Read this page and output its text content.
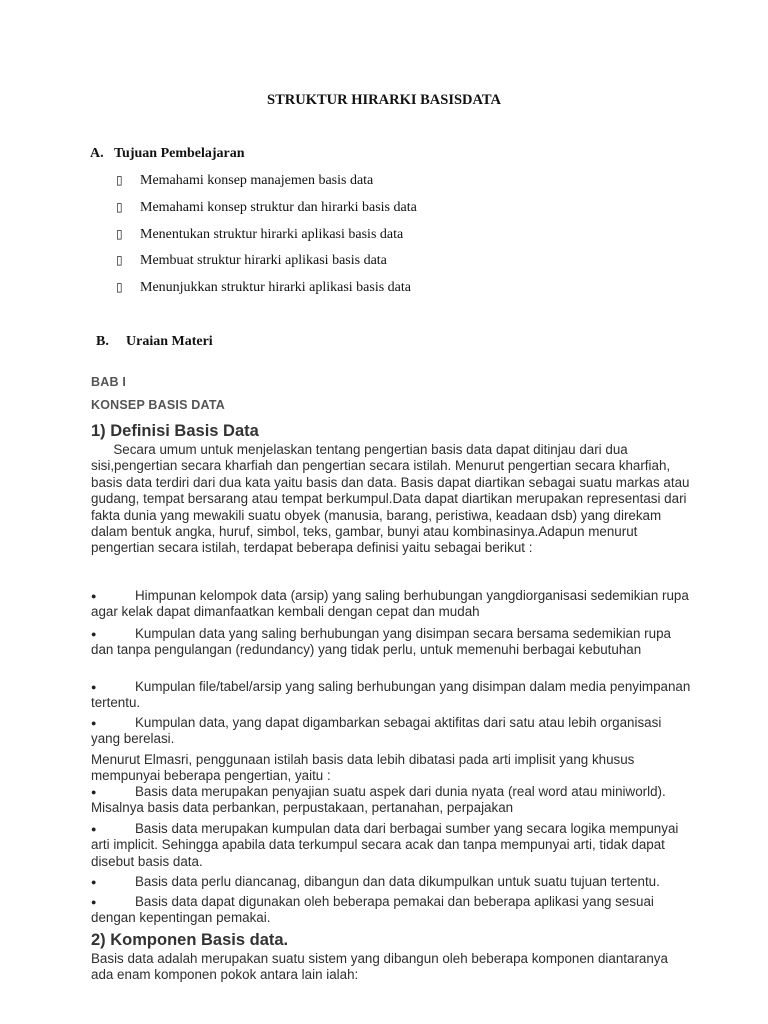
STRUKTUR HIRARKI BASISDATA
A. Tujuan Pembelajaran
▯	Memahami konsep manajemen basis data
▯	Memahami konsep struktur dan hirarki basis data
▯	Menentukan struktur hirarki aplikasi basis data
▯	Membuat struktur hirarki aplikasi basis data
▯	Menunjukkan struktur hirarki aplikasi basis data
B. Uraian Materi
BAB I
KONSEP BASIS DATA
1) Definisi Basis Data
Secara umum untuk menjelaskan tentang pengertian basis data dapat ditinjau dari dua sisi,pengertian secara kharfiah dan pengertian secara istilah. Menurut pengertian secara kharfiah, basis data terdiri dari dua kata yaitu basis dan data. Basis dapat diartikan sebagai suatu markas atau gudang, tempat bersarang atau tempat berkumpul.Data dapat diartikan merupakan representasi dari fakta dunia yang mewakili suatu obyek (manusia, barang, peristiwa, keadaan dsb) yang direkam dalam bentuk angka, huruf, simbol, teks, gambar, bunyi atau kombinasinya.Adapun menurut pengertian secara istilah, terdapat beberapa definisi yaitu sebagai berikut :
●	Himpunan kelompok data (arsip) yang saling berhubungan yangdiorganisasi sedemikian rupa agar kelak dapat dimanfaatkan kembali dengan cepat dan mudah
●	Kumpulan data yang saling berhubungan yang disimpan secara bersama sedemikian rupa dan tanpa pengulangan (redundancy) yang tidak perlu, untuk memenuhi berbagai kebutuhan
●	Kumpulan file/tabel/arsip yang saling berhubungan yang disimpan dalam media penyimpanan tertentu.
●	Kumpulan data, yang dapat digambarkan sebagai aktifitas dari satu atau lebih organisasi yang berelasi.
Menurut Elmasri, penggunaan istilah basis data lebih dibatasi pada arti implisit yang khusus mempunyai beberapa pengertian, yaitu :
●	Basis data merupakan penyajian suatu aspek dari dunia nyata (real word atau miniworld). Misalnya basis data perbankan, perpustakaan, pertanahan, perpajakan
●	Basis data merupakan kumpulan data dari berbagai sumber yang secara logika mempunyai arti implicit. Sehingga apabila data terkumpul secara acak dan tanpa mempunyai arti, tidak dapat disebut basis data.
●	Basis data perlu diancanag, dibangun dan data dikumpulkan untuk suatu tujuan tertentu.
●	Basis data dapat digunakan oleh beberapa pemakai dan beberapa aplikasi yang sesuai dengan kepentingan pemakai.
2) Komponen Basis data.
Basis data adalah merupakan suatu sistem yang dibangun oleh beberapa komponen diantaranya ada enam komponen pokok antara lain ialah:
